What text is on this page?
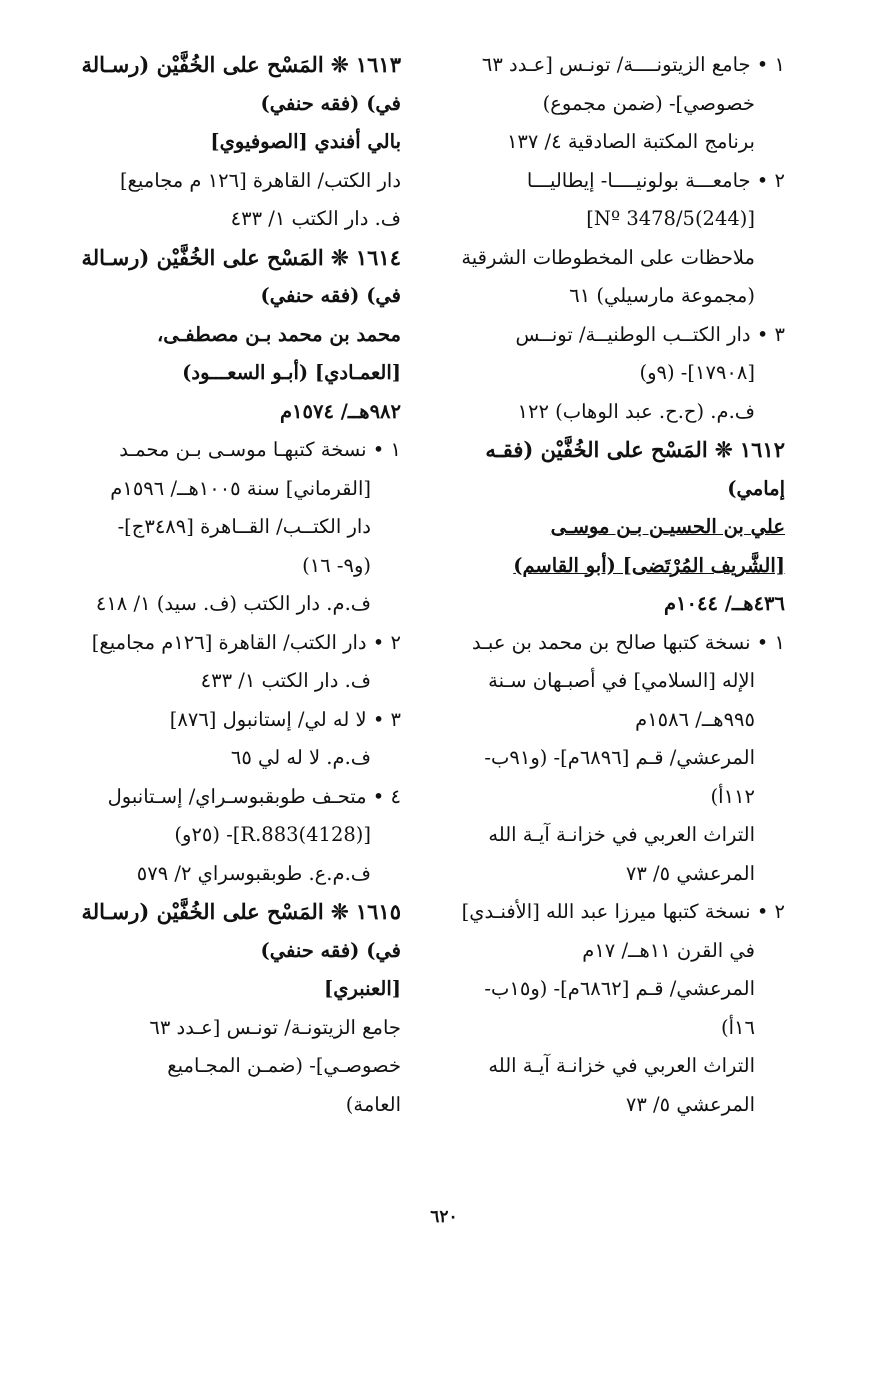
١ • جامع الزيتونــــة/ تونـس [عـدد ٦٣
خصوصي]- (ضمن مجموع)
برنامج المكتبة الصادقية ٤/ ١٣٧
٢ • جامعـــة بولونيــــا- إيطاليـــا
[(244)Nº 3478/5]
ملاحظات على المخطوطات الشرقية
(مجموعة مارسيلي) ٦١
٣ • دار الكتــب الوطنيــة/ تونــس
[١٧٩٠٨]- (٩و)
ف.م. (ح.ح. عبد الوهاب) ١٢٢
١٦١٢ ❊ المَسْح على الخُفَّيْن (فقـه
إمامي)
علي بن الحسيـن بـن موسـى
[الشَّريف المُرْتَضى] (أبو القاسم)
٤٣٦هــ/ ١٠٤٤م
١ • نسخة كتبها صالح بن محمد بن عبـد
الإله [السلامي] في أصبـهان سـنة
٩٩٥هــ/ ١٥٨٦م
المرعشي/ قـم [٦٨٩٦م]- (و٩١ب-
١١٢أ)
التراث العربي في خزانـة آيـة الله
المرعشي ٥/ ٧٣
٢ • نسخة كتبها ميرزا عبد الله [الأفنـدي]
في القرن ١١هــ/ ١٧م
المرعشي/ قـم [٦٨٦٢م]- (و١٥ب-
١٦أ)
التراث العربي في خزانـة آيـة الله
المرعشي ٥/ ٧٣
١٦١٣ ❊ المَسْح على الخُفَّيْن (رسـالة
في) (فقه حنفي)
بالي أفندي [الصوفيوي]
دار الكتب/ القاهرة [١٢٦ م مجاميع]
ف. دار الكتب ١/ ٤٣٣
١٦١٤ ❊ المَسْح على الخُفَّيْن (رسـالة
في) (فقه حنفي)
محمد بن محمد بـن مصطفـى،
[العمـادي] (أبـو السعـــود)
٩٨٢هــ/ ١٥٧٤م
١ • نسخة كتبهـا موسـى بـن محمـد
[القرماني] سنة ١٠٠٥هــ/ ١٥٩٦م
دار الكتــب/ القــاهرة [٣٤٨٩ج]-
(و٩- ١٦)
ف.م. دار الكتب (ف. سيد) ١/ ٤١٨
٢ • دار الكتب/ القاهرة [١٢٦م مجاميع]
ف. دار الكتب ١/ ٤٣٣
٣ • لا له لي/ إستانبول [٨٧٦]
ف.م. لا له لي ٦٥
٤ • متحـف طوبقبوسـراي/ إسـتانبول
[(4128)R.883]- (٢٥و)
ف.م.ع. طوبقبوسراي ٢/ ٥٧٩
١٦١٥ ❊ المَسْح على الخُفَّيْن (رسـالة
في) (فقه حنفي)
[العنبري]
جامع الزيتونـة/ تونـس [عـدد ٦٣
خصوصـي]- (ضمـن المجـاميع
العامة)
٦٢٠
